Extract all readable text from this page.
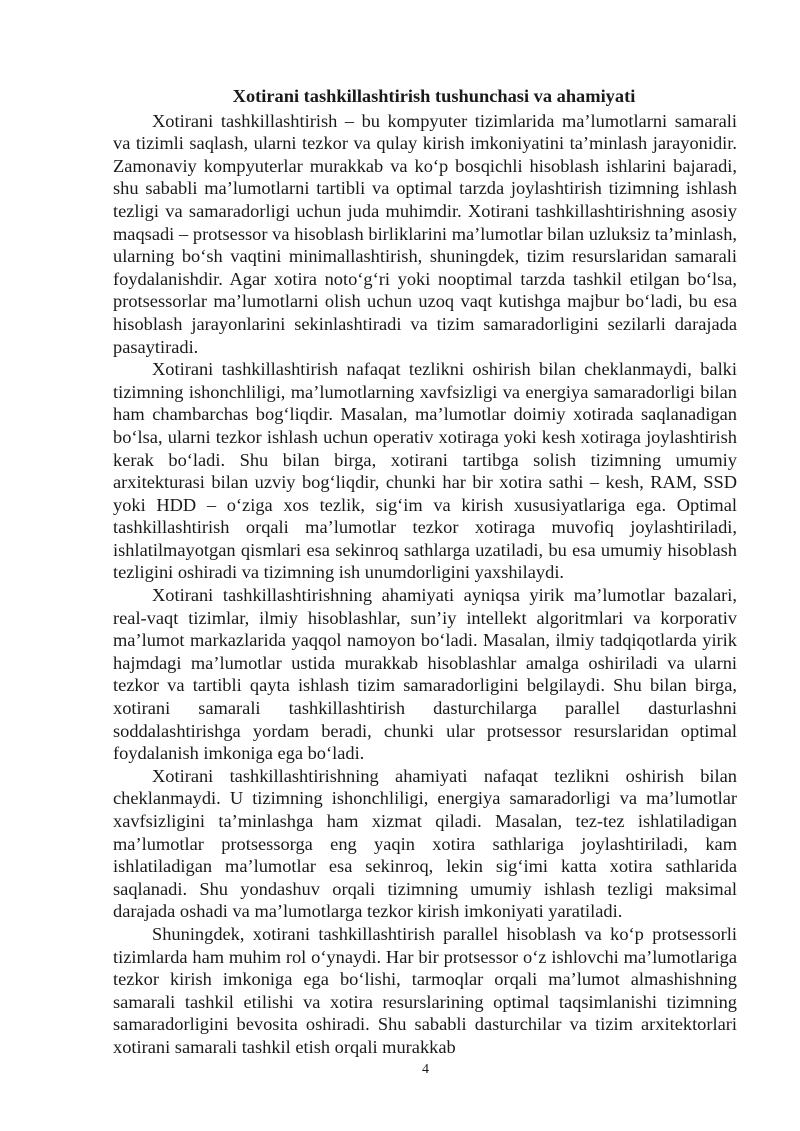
Xotirani tashkillashtirish tushunchasi va ahamiyati

Xotirani tashkillashtirish – bu kompyuter tizimlarida ma’lumotlarni samarali va tizimli saqlash, ularni tezkor va qulay kirish imkoniyatini ta’minlash jarayonidir. Zamonaviy kompyuterlar murakkab va ko‘p bosqichli hisoblash ishlarini bajaradi, shu sababli ma’lumotlarni tartibli va optimal tarzda joylashtirish tizimning ishlash tezligi va samaradorligi uchun juda muhimdir. Xotirani tashkillashtirishning asosiy maqsadi – protsessor va hisoblash birliklarini ma’lumotlar bilan uzluksiz ta’minlash, ularning bo‘sh vaqtini minimallashtirish, shuningdek, tizim resurslaridan samarali foydalanishdir. Agar xotira noto‘g‘ri yoki nooptimal tarzda tashkil etilgan bo‘lsa, protsessorlar ma’lumotlarni olish uchun uzoq vaqt kutishga majbur bo‘ladi, bu esa hisoblash jarayonlarini sekinlashtiradi va tizim samaradorligini sezilarli darajada pasaytiradi.

Xotirani tashkillashtirish nafaqat tezlikni oshirish bilan cheklanmaydi, balki tizimning ishonchliligi, ma’lumotlarning xavfsizligi va energiya samaradorligi bilan ham chambarchas bog‘liqdir. Masalan, ma’lumotlar doimiy xotirada saqlanadigan bo‘lsa, ularni tezkor ishlash uchun operativ xotiraga yoki kesh xotiraga joylashtirish kerak bo‘ladi. Shu bilan birga, xotirani tartibga solish tizimning umumiy arxitekturasi bilan uzviy bog‘liqdir, chunki har bir xotira sathi – kesh, RAM, SSD yoki HDD – o‘ziga xos tezlik, sig‘im va kirish xususiyatlariga ega. Optimal tashkillashtirish orqali ma’lumotlar tezkor xotiraga muvofiq joylashtiriladi, ishlatilmayotgan qismlari esa sekinroq sathlarga uzatiladi, bu esa umumiy hisoblash tezligini oshiradi va tizimning ish unumdorligini yaxshilaydi.

Xotirani tashkillashtirishning ahamiyati ayniqsa yirik ma’lumotlar bazalari, real-vaqt tizimlar, ilmiy hisoblashlar, sun’iy intellekt algoritmlari va korporativ ma’lumot markazlarida yaqqol namoyon bo‘ladi. Masalan, ilmiy tadqiqotlarda yirik hajmdagi ma’lumotlar ustida murakkab hisoblashlar amalga oshiriladi va ularni tezkor va tartibli qayta ishlash tizim samaradorligini belgilaydi. Shu bilan birga, xotirani samarali tashkillashtirish dasturchilarga parallel dasturlashni soddalashtirishga yordam beradi, chunki ular protsessor resurslaridan optimal foydalanish imkoniga ega bo‘ladi.

Xotirani tashkillashtirishning ahamiyati nafaqat tezlikni oshirish bilan cheklanmaydi. U tizimning ishonchliligi, energiya samaradorligi va ma’lumotlar xavfsizligini ta’minlashga ham xizmat qiladi. Masalan, tez-tez ishlatiladigan ma’lumotlar protsessorga eng yaqin xotira sathlariga joylashtiriladi, kam ishlatiladigan ma’lumotlar esa sekinroq, lekin sig‘imi katta xotira sathlarida saqlanadi. Shu yondashuv orqali tizimning umumiy ishlash tezligi maksimal darajada oshadi va ma’lumotlarga tezkor kirish imkoniyati yaratiladi.

Shuningdek, xotirani tashkillashtirish parallel hisoblash va ko‘p protsessorli tizimlarda ham muhim rol o‘ynaydi. Har bir protsessor o‘z ishlovchi ma’lumotlariga tezkor kirish imkoniga ega bo‘lishi, tarmoqlar orqali ma’lumot almashishning samarali tashkil etilishi va xotira resurslarining optimal taqsimlanishi tizimning samaradorligini bevosita oshiradi. Shu sababli dasturchilar va tizim arxitektorlari xotirani samarali tashkil etish orqali murakkab

4
